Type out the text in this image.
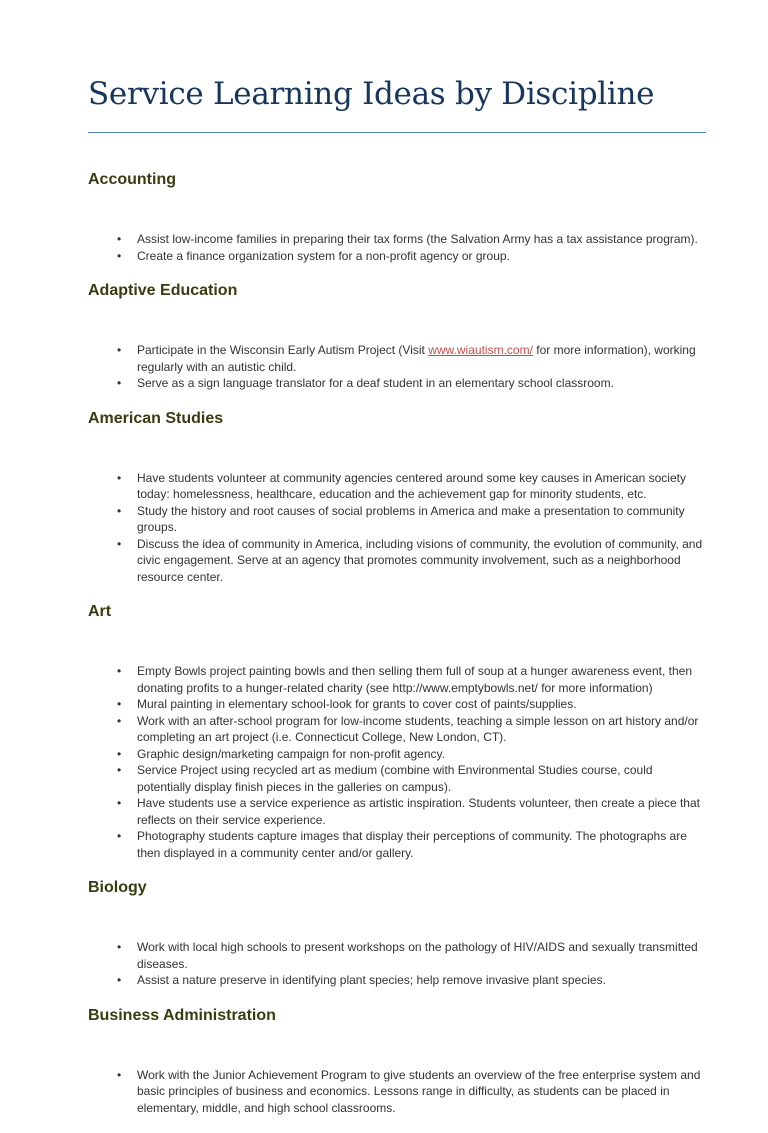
Service Learning Ideas by Discipline
Accounting
• Assist low-income families in preparing their tax forms (the Salvation Army has a tax assistance program).
• Create a finance organization system for a non-profit agency or group.
Adaptive Education
• Participate in the Wisconsin Early Autism Project (Visit www.wiautism.com/ for more information), working regularly with an autistic child.
• Serve as a sign language translator for a deaf student in an elementary school classroom.
American Studies
• Have students volunteer at community agencies centered around some key causes in American society today: homelessness, healthcare, education and the achievement gap for minority students, etc.
• Study the history and root causes of social problems in America and make a presentation to community groups.
• Discuss the idea of community in America, including visions of community, the evolution of community, and civic engagement. Serve at an agency that promotes community involvement, such as a neighborhood resource center.
Art
• Empty Bowls project painting bowls and then selling them full of soup at a hunger awareness event, then donating profits to a hunger-related charity (see http://www.emptybowls.net/ for more information)
• Mural painting in elementary school-look for grants to cover cost of paints/supplies.
• Work with an after-school program for low-income students, teaching a simple lesson on art history and/or completing an art project (i.e. Connecticut College, New London, CT).
• Graphic design/marketing campaign for non-profit agency.
• Service Project using recycled art as medium (combine with Environmental Studies course, could potentially display finish pieces in the galleries on campus).
• Have students use a service experience as artistic inspiration. Students volunteer, then create a piece that reflects on their service experience.
• Photography students capture images that display their perceptions of community. The photographs are then displayed in a community center and/or gallery.
Biology
• Work with local high schools to present workshops on the pathology of HIV/AIDS and sexually transmitted diseases.
• Assist a nature preserve in identifying plant species; help remove invasive plant species.
Business Administration
• Work with the Junior Achievement Program to give students an overview of the free enterprise system and basic principles of business and economics. Lessons range in difficulty, as students can be placed in elementary, middle, and high school classrooms.
